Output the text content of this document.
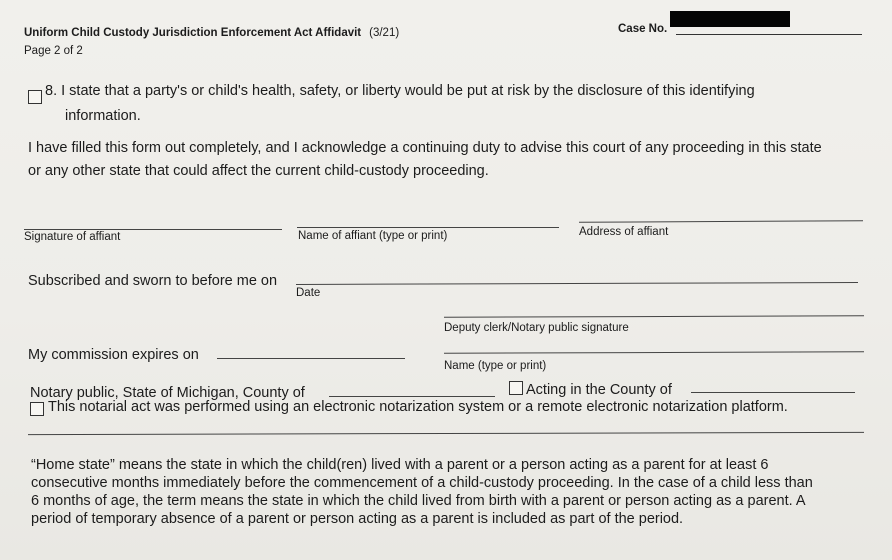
Uniform Child Custody Jurisdiction Enforcement Act Affidavit (3/21)
Page 2 of 2
Case No.
8. I state that a party's or child's health, safety, or liberty would be put at risk by the disclosure of this identifying
information.
I have filled this form out completely, and I acknowledge a continuing duty to advise this court of any proceeding in this state
or any other state that could affect the current child-custody proceeding.
Signature of affiant	Name of affiant (type or print)	Address of affiant
Subscribed and sworn to before me on
Date
Deputy clerk/Notary public signature
My commission expires on
Name (type or print)
Notary public, State of Michigan, County of	Acting in the County of
This notarial act was performed using an electronic notarization system or a remote electronic notarization platform.
“Home state” means the state in which the child(ren) lived with a parent or a person acting as a parent for at least 6
consecutive months immediately before the commencement of a child-custody proceeding. In the case of a child less than
6 months of age, the term means the state in which the child lived from birth with a parent or person acting as a parent. A
period of temporary absence of a parent or person acting as a parent is included as part of the period.
